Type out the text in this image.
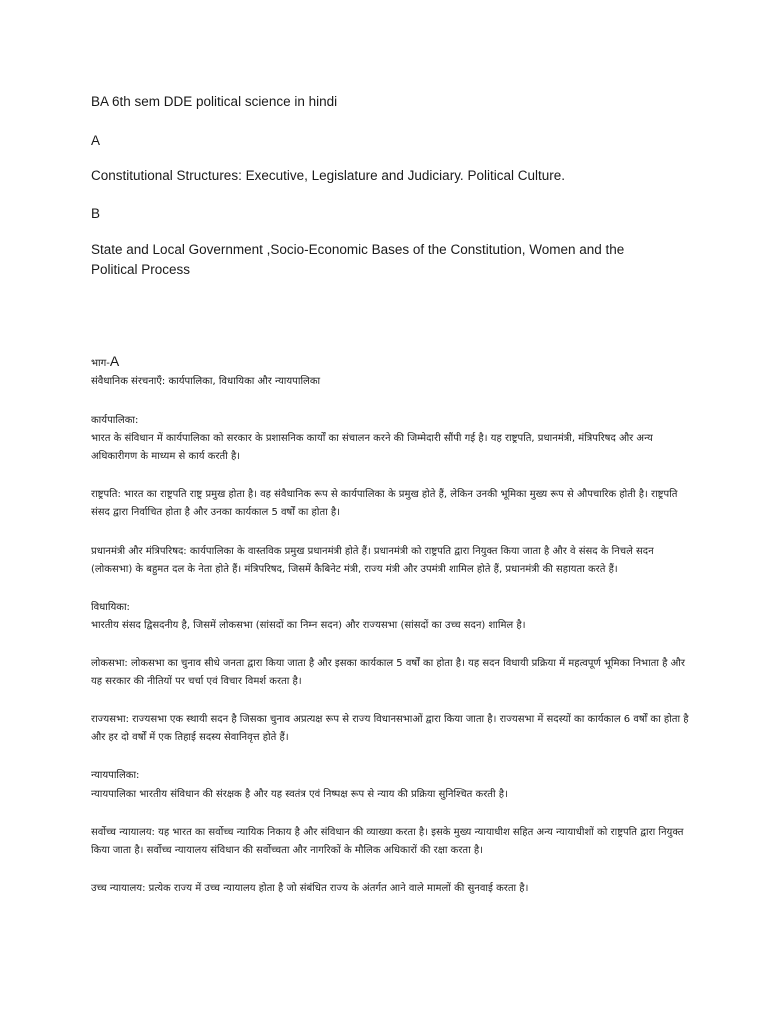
BA 6th sem DDE political science in hindi

A

Constitutional Structures: Executive, Legislature and Judiciary. Political Culture.

B

State and Local Government ,Socio-Economic Bases of the Constitution, Women and the Political Process

भाग-A

संवैधानिक संरचनाएँ: कार्यपालिका, विधायिका और न्यायपालिका

कार्यपालिका:

भारत के संविधान में कार्यपालिका को सरकार के प्रशासनिक कार्यों का संचालन करने की जिम्मेदारी सौंपी गई है। यह राष्ट्रपति, प्रधानमंत्री, मंत्रिपरिषद और अन्य अधिकारीगण के माध्यम से कार्य करती है।

राष्ट्रपति: भारत का राष्ट्रपति राष्ट्र प्रमुख होता है। वह संवैधानिक रूप से कार्यपालिका के प्रमुख होते हैं, लेकिन उनकी भूमिका मुख्य रूप से औपचारिक होती है। राष्ट्रपति संसद द्वारा निर्वाचित होता है और उनका कार्यकाल 5 वर्षों का होता है।

प्रधानमंत्री और मंत्रिपरिषद: कार्यपालिका के वास्तविक प्रमुख प्रधानमंत्री होते हैं। प्रधानमंत्री को राष्ट्रपति द्वारा नियुक्त किया जाता है और वे संसद के निचले सदन (लोकसभा) के बहुमत दल के नेता होते हैं। मंत्रिपरिषद, जिसमें कैबिनेट मंत्री, राज्य मंत्री और उपमंत्री शामिल होते हैं, प्रधानमंत्री की सहायता करते हैं।

विधायिका:

भारतीय संसद द्विसदनीय है, जिसमें लोकसभा (सांसदों का निम्न सदन) और राज्यसभा (सांसदों का उच्च सदन) शामिल है।

लोकसभा: लोकसभा का चुनाव सीधे जनता द्वारा किया जाता है और इसका कार्यकाल 5 वर्षों का होता है। यह सदन विधायी प्रक्रिया में महत्वपूर्ण भूमिका निभाता है और यह सरकार की नीतियों पर चर्चा एवं विचार विमर्श करता है।

राज्यसभा: राज्यसभा एक स्थायी सदन है जिसका चुनाव अप्रत्यक्ष रूप से राज्य विधानसभाओं द्वारा किया जाता है। राज्यसभा में सदस्यों का कार्यकाल 6 वर्षों का होता है और हर दो वर्षों में एक तिहाई सदस्य सेवानिवृत्त होते हैं।

न्यायपालिका:

न्यायपालिका भारतीय संविधान की संरक्षक है और यह स्वतंत्र एवं निष्पक्ष रूप से न्याय की प्रक्रिया सुनिश्चित करती है।

सर्वोच्च न्यायालय: यह भारत का सर्वोच्च न्यायिक निकाय है और संविधान की व्याख्या करता है। इसके मुख्य न्यायाधीश सहित अन्य न्यायाधीशों को राष्ट्रपति द्वारा नियुक्त किया जाता है। सर्वोच्च न्यायालय संविधान की सर्वोच्चता और नागरिकों के मौलिक अधिकारों की रक्षा करता है।

उच्च न्यायालय: प्रत्येक राज्य में उच्च न्यायालय होता है जो संबंधित राज्य के अंतर्गत आने वाले मामलों की सुनवाई करता है।
